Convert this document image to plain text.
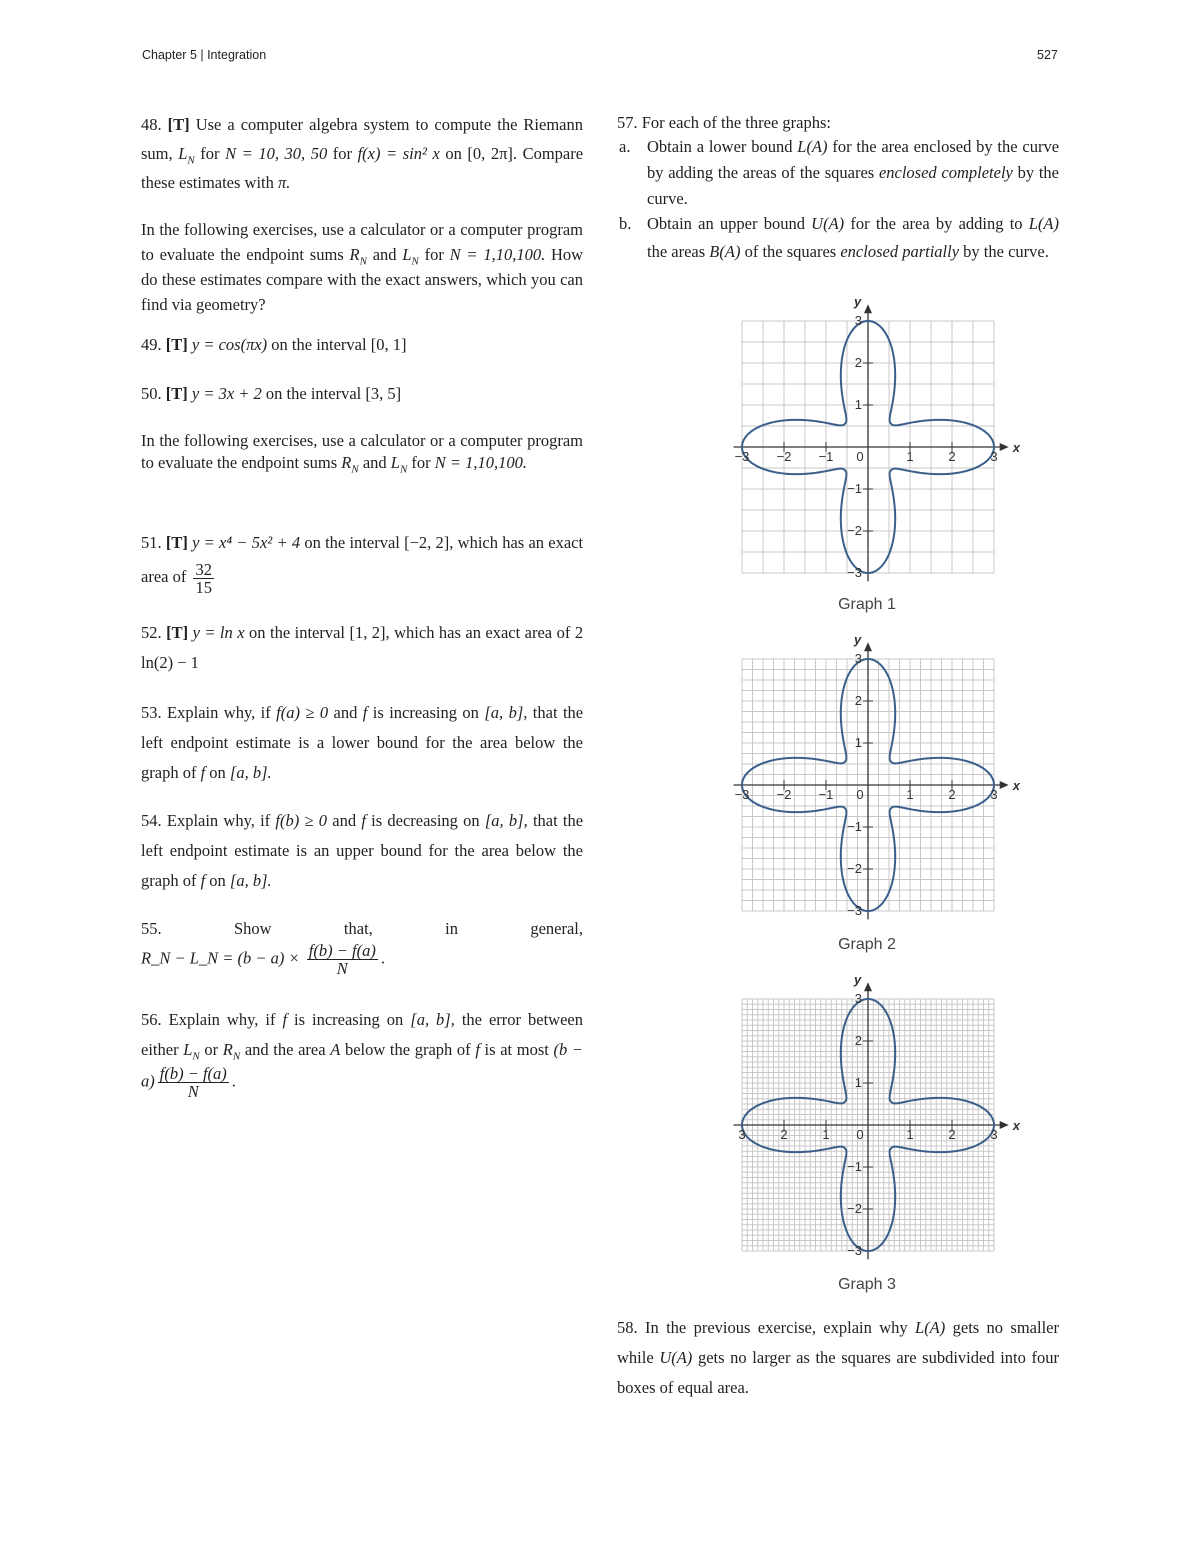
Chapter 5 | Integration	527
48. [T] Use a computer algebra system to compute the Riemann sum, $L_N$ for N = 10, 30, 50 for f(x) = sin² x on [0, 2π]. Compare these estimates with π.
In the following exercises, use a calculator or a computer program to evaluate the endpoint sums $R_N$ and $L_N$ for N = 1,10,100. How do these estimates compare with the exact answers, which you can find via geometry?
49. [T] y = cos(πx) on the interval [0, 1]
50. [T] y = 3x + 2 on the interval [3, 5]
In the following exercises, use a calculator or a computer program to evaluate the endpoint sums $R_N$ and $L_N$ for N = 1,10,100.
51. [T] y = x⁴ − 5x² + 4 on the interval [−2, 2], which has an exact area of $\frac{32}{15}$
52. [T] y = ln x on the interval [1, 2], which has an exact area of 2 ln(2) − 1
53. Explain why, if f(a) ≥ 0 and f is increasing on [a, b], that the left endpoint estimate is a lower bound for the area below the graph of f on [a, b].
54. Explain why, if f(b) ≥ 0 and f is decreasing on [a, b], that the left endpoint estimate is an upper bound for the area below the graph of f on [a, b].
55.	Show	that,	in	general,
R_N − L_N = $(b - a) \times \frac{f(b) - f(a)}{N}$ .
56. Explain why, if f is increasing on [a, b], the error between either $L_N$ or $R_N$ and the area A below the graph of f is at most $(b - a) \frac{f(b) - f(a)}{N}$ .
57. For each of the three graphs:
a. Obtain a lower bound L(A) for the area enclosed by the curve by adding the areas of the squares enclosed completely by the curve.
b. Obtain an upper bound U(A) for the area by adding to L(A) the areas B(A) of the squares enclosed partially by the curve.
58. In the previous exercise, explain why L(A) gets no smaller while U(A) gets no larger as the squares are subdivided into four boxes of equal area.
−3 −2 −1 0	1	2	3
3
2
1
−1
−2
−3
x
y
Graph 1
−3 −2 −1 0	1	2	3
3
2
1
−1
−2
−3
x
y
Graph 2
3	2	1 0	1	2	3
3
2
1
−1
−2
−3
x
y
Graph 3
